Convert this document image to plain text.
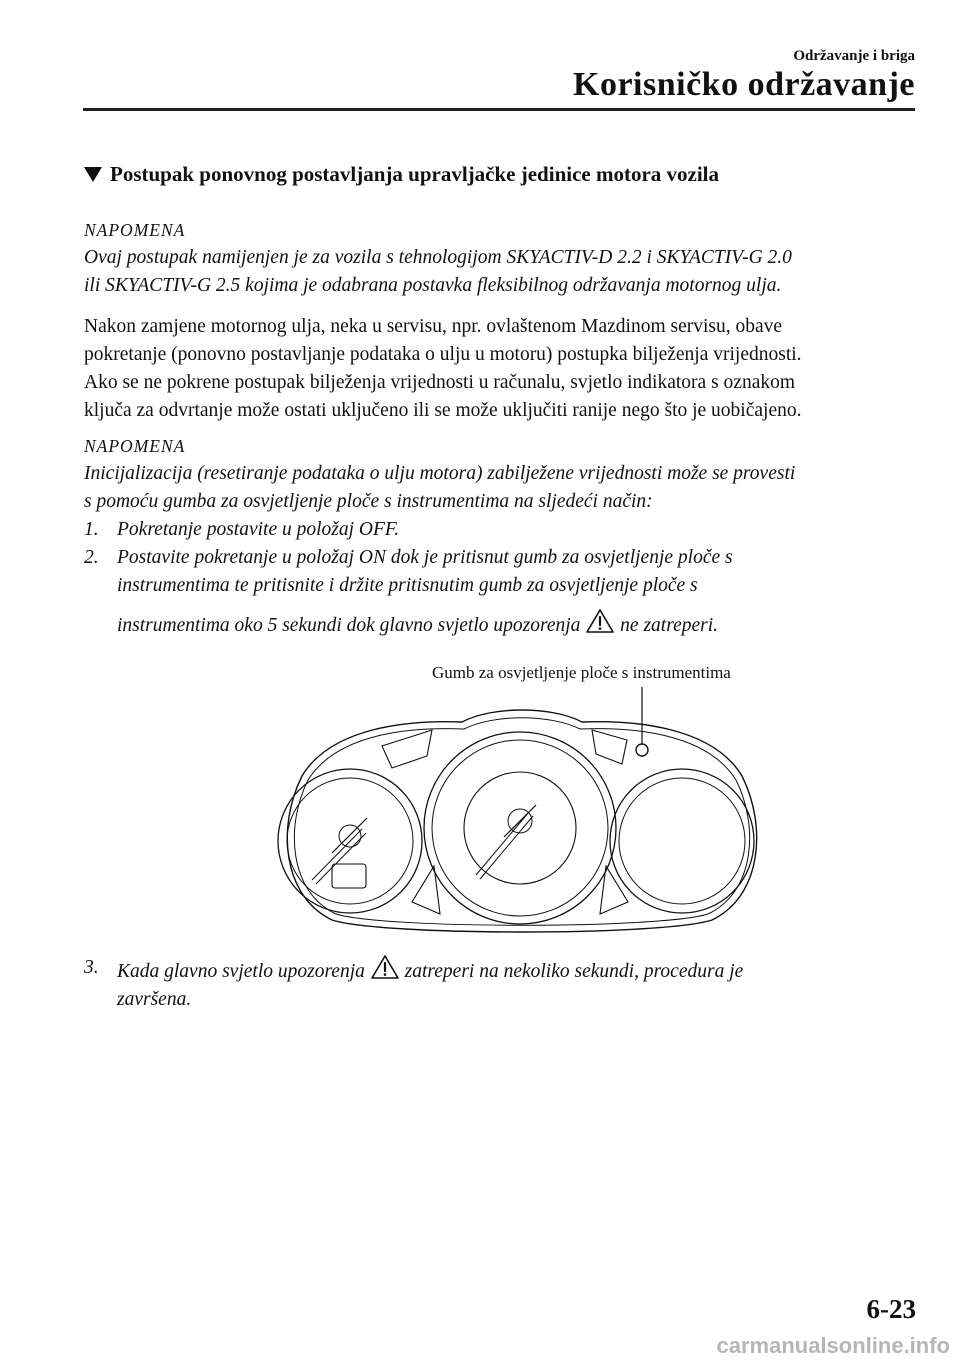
Održavanje i briga
Korisničko održavanje
Postupak ponovnog postavljanja upravljačke jedinice motora vozila
NAPOMENA
Ovaj postupak namijenjen je za vozila s tehnologijom SKYACTIV-D 2.2 i SKYACTIV-G 2.0
ili SKYACTIV-G 2.5 kojima je odabrana postavka fleksibilnog održavanja motornog ulja.
Nakon zamjene motornog ulja, neka u servisu, npr. ovlaštenom Mazdinom servisu, obave
pokretanje (ponovno postavljanje podataka o ulju u motoru) postupka bilježenja vrijednosti.
Ako se ne pokrene postupak bilježenja vrijednosti u računalu, svjetlo indikatora s oznakom
ključa za odvrtanje može ostati uključeno ili se može uključiti ranije nego što je uobičajeno.
NAPOMENA
Inicijalizacija (resetiranje podataka o ulju motora) zabilježene vrijednosti može se provesti
s pomoću gumba za osvjetljenje ploče s instrumentima na sljedeći način:
1. Pokretanje postavite u položaj OFF.
2. Postavite pokretanje u položaj ON dok je pritisnut gumb za osvjetljenje ploče s
instrumentima te pritisnite i držite pritisnutim gumb za osvjetljenje ploče s
instrumentima oko 5 sekundi dok glavno svjetlo upozorenja ne zatreperi.
Gumb za osvjetljenje ploče s instrumentima
3. Kada glavno svjetlo upozorenja zatreperi na nekoliko sekundi, procedura je
završena.
6-23
carmanualsonline.info
